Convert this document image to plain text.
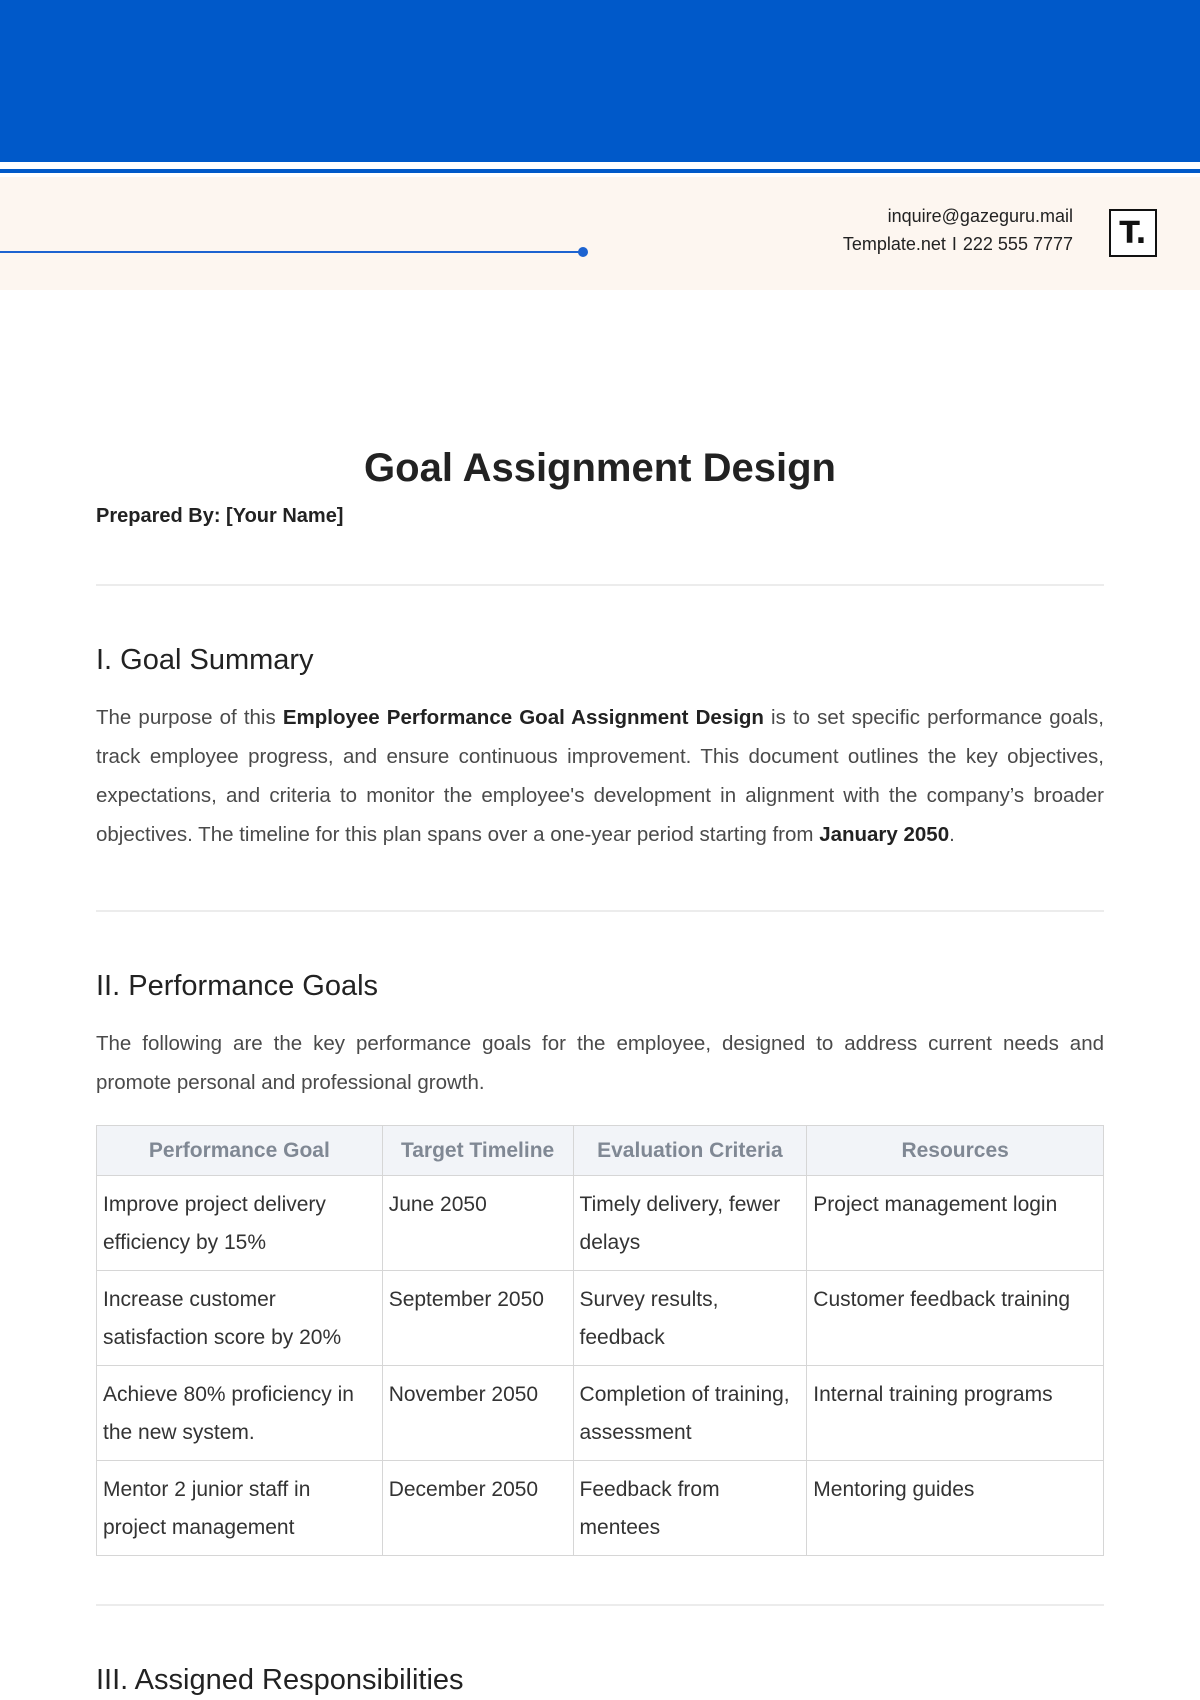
inquire@gazeguru.mail
Template.net I 222 555 7777	T.
Goal Assignment Design
Prepared By: [Your Name]
I. Goal Summary

The purpose of this Employee Performance Goal Assignment Design is to set specific performance goals, track employee progress, and ensure continuous improvement. This document outlines the key objectives, expectations, and criteria to monitor the employee's development in alignment with the company’s broader objectives. The timeline for this plan spans over a one-year period starting from January 2050.

II. Performance Goals

The following are the key performance goals for the employee, designed to address current needs and promote personal and professional growth.

Performance Goal	Target Timeline	Evaluation Criteria	Resources
Improve project delivery efficiency by 15%	June 2050	Timely delivery, fewer delays	Project management login
Increase customer satisfaction score by 20%	September 2050	Survey results, feedback	Customer feedback training
Achieve 80% proficiency in the new system.	November 2050	Completion of training, assessment	Internal training programs
Mentor 2 junior staff in project management	December 2050	Feedback from mentees	Mentoring guides
III. Assigned Responsibilities
